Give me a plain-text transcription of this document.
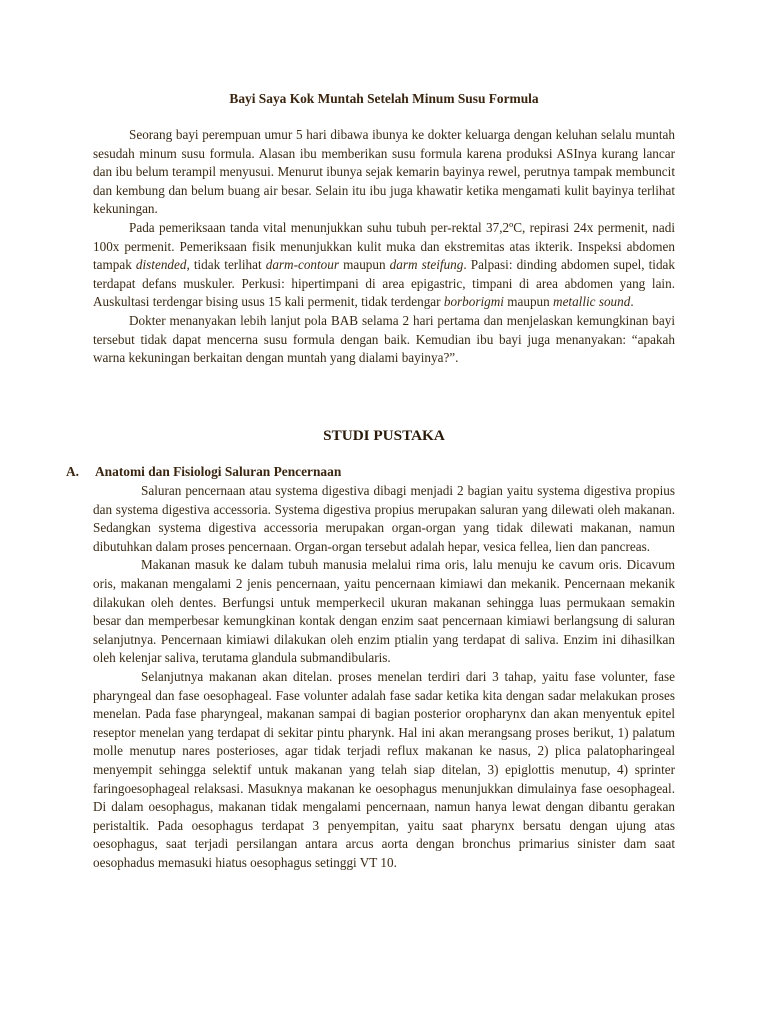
Bayi Saya Kok Muntah Setelah Minum Susu Formula

Seorang bayi perempuan umur 5 hari dibawa ibunya ke dokter keluarga dengan keluhan selalu muntah sesudah minum susu formula. Alasan ibu memberikan susu formula karena produksi ASInya kurang lancar dan ibu belum terampil menyusui. Menurut ibunya sejak kemarin bayinya rewel, perutnya tampak membuncit dan kembung dan belum buang air besar. Selain itu ibu juga khawatir ketika mengamati kulit bayinya terlihat kekuningan.

Pada pemeriksaan tanda vital menunjukkan suhu tubuh per-rektal 37,2ºC, repirasi 24x permenit, nadi 100x permenit. Pemeriksaan fisik menunjukkan kulit muka dan ekstremitas atas ikterik. Inspeksi abdomen tampak distended, tidak terlihat darm-contour maupun darm steifung. Palpasi: dinding abdomen supel, tidak terdapat defans muskuler. Perkusi: hipertimpani di area epigastric, timpani di area abdomen yang lain. Auskultasi terdengar bising usus 15 kali permenit, tidak terdengar borborigmi maupun metallic sound.

Dokter menanyakan lebih lanjut pola BAB selama 2 hari pertama dan menjelaskan kemungkinan bayi tersebut tidak dapat mencerna susu formula dengan baik. Kemudian ibu bayi juga menanyakan: “apakah warna kekuningan berkaitan dengan muntah yang dialami bayinya?”.

STUDI PUSTAKA
A. Anatomi dan Fisiologi Saluran Pencernaan

Saluran pencernaan atau systema digestiva dibagi menjadi 2 bagian yaitu systema digestiva propius dan systema digestiva accessoria. Systema digestiva propius merupakan saluran yang dilewati oleh makanan. Sedangkan systema digestiva accessoria merupakan organ-organ yang tidak dilewati makanan, namun dibutuhkan dalam proses pencernaan. Organ-organ tersebut adalah hepar, vesica fellea, lien dan pancreas.

Makanan masuk ke dalam tubuh manusia melalui rima oris, lalu menuju ke cavum oris. Dicavum oris, makanan mengalami 2 jenis pencernaan, yaitu pencernaan kimiawi dan mekanik. Pencernaan mekanik dilakukan oleh dentes. Berfungsi untuk memperkecil ukuran makanan sehingga luas permukaan semakin besar dan memperbesar kemungkinan kontak dengan enzim saat pencernaan kimiawi berlangsung di saluran selanjutnya. Pencernaan kimiawi dilakukan oleh enzim ptialin yang terdapat di saliva. Enzim ini dihasilkan oleh kelenjar saliva, terutama glandula submandibularis.

Selanjutnya makanan akan ditelan. proses menelan terdiri dari 3 tahap, yaitu fase volunter, fase pharyngeal dan fase oesophageal. Fase volunter adalah fase sadar ketika kita dengan sadar melakukan proses menelan. Pada fase pharyngeal, makanan sampai di bagian posterior oropharynx dan akan menyentuk epitel reseptor menelan yang terdapat di sekitar pintu pharynk. Hal ini akan merangsang proses berikut, 1) palatum molle menutup nares posterioses, agar tidak terjadi reflux makanan ke nasus, 2) plica palatopharingeal menyempit sehingga selektif untuk makanan yang telah siap ditelan, 3) epiglottis menutup, 4) sprinter faringoesophageal relaksasi. Masuknya makanan ke oesophagus menunjukkan dimulainya fase oesophageal. Di dalam oesophagus, makanan tidak mengalami pencernaan, namun hanya lewat dengan dibantu gerakan peristaltik. Pada oesophagus terdapat 3 penyempitan, yaitu saat pharynx bersatu dengan ujung atas oesophagus, saat terjadi persilangan antara arcus aorta dengan bronchus primarius sinister dam saat oesophadus memasuki hiatus oesophagus setinggi VT 10.
